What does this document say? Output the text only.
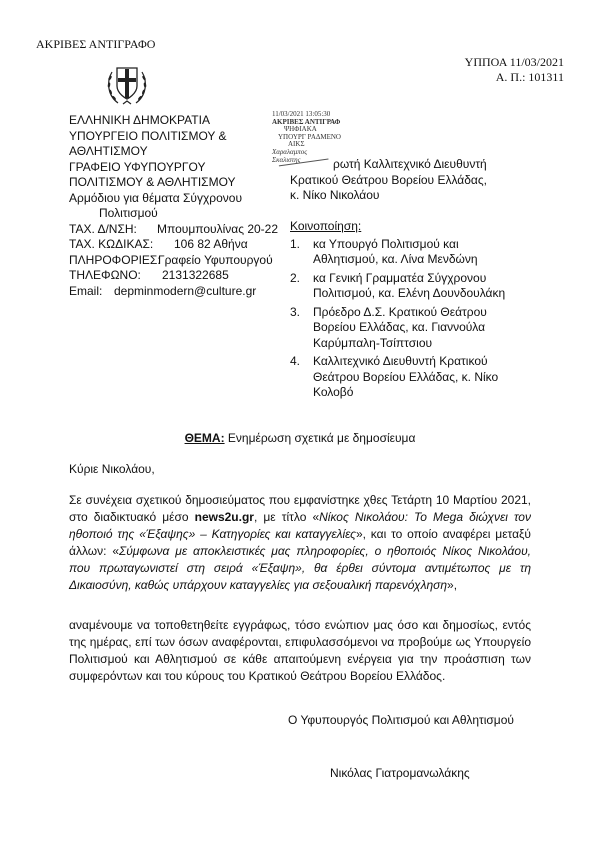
ΑΚΡΙΒΕΣ ΑΝΤΙΓΡΑΦΟ
ΥΠΠΟΑ 11/03/2021
Α. Π.: 101311
ΕΛΛΗΝΙΚΗ ΔΗΜΟΚΡΑΤΙΑ
ΥΠΟΥΡΓΕΙΟ ΠΟΛΙΤΙΣΜΟΥ &
ΑΘΛΗΤΙΣΜΟΥ
ΓΡΑΦΕΙΟ ΥΦΥΠΟΥΡΓΟΥ
ΠΟΛΙΤΙΣΜΟΥ & ΑΘΛΗΤΙΣΜΟΥ
Αρμόδιου για θέματα Σύγχρονου
Πολιτισμού
ΤΑΧ. Δ/ΝΣΗ:	Μπουμπουλίνας 20-22
ΤΑΧ. ΚΩΔΙΚΑΣ:	106 82 Αθήνα
ΠΛΗΡΟΦΟΡΙΕΣ:
Γραφείο Υφυπουργού
ΤΗΛΕΦΩΝΟ:	2131322685
Email: depminmodern@culture.gr
11/03/2021 13:05:30
ΑΚΡΙΒΕΣ ΑΝΤΙΓΡΑΦ
ΨΗΦΙΑΚΑ
ΥΠΟΥΡΓ ΡΑΔΜΕΝΟ
ΑΙΚΣ
Χαραλαμπος
Σκαλιστης	ρωτή Καλλιτεχνικό Διευθυντή
Κρατικού Θεάτρου Βορείου Ελλάδας,
κ. Νίκο Νικολάου
Κοινοποίηση:
1. κα Υπουργό Πολιτισμού και
Αθλητισμού, κα. Λίνα Μενδώνη
2. κα Γενική Γραμματέα Σύγχρονου
Πολιτισμού, κα. Ελένη Δουνδουλάκη
3. Πρόεδρο Δ.Σ. Κρατικού Θεάτρου
Βορείου Ελλάδας, κα. Γιαννούλα
Καρύμπαλη-Τσίπτσιου
4. Καλλιτεχνικό Διευθυντή Κρατικού
Θεάτρου Βορείου Ελλάδας, κ. Νίκο
Κολοβό
ΘΕΜΑ: Ενημέρωση σχετικά με δημοσίευμα
Κύριε Νικολάου,
Σε συνέχεια σχετικού δημοσιεύματος που εμφανίστηκε χθες Τετάρτη 10 Μαρτίου 2021, στο διαδικτυακό μέσο news2u.gr, με τίτλο «Νίκος Νικολάου: Το Mega διώχνει τον ηθοποιό της «Έξαψης» – Κατηγορίες και καταγγελίες», και το οποίο αναφέρει μεταξύ άλλων: «Σύμφωνα με αποκλειστικές μας πληροφορίες, ο ηθοποιός Νίκος Νικολάου, που πρωταγωνιστεί στη σειρά «Έξαψη», θα έρθει σύντομα αντιμέτωπος με τη Δικαιοσύνη, καθώς υπάρχουν καταγγελίες για σεξουαλική παρενόχληση»,
αναμένουμε να τοποθετηθείτε εγγράφως, τόσο ενώπιον μας όσο και δημοσίως, εντός της ημέρας, επί των όσων αναφέρονται, επιφυλασσόμενοι να προβούμε ως Υπουργείο Πολιτισμού και Αθλητισμού σε κάθε απαιτούμενη ενέργεια για την προάσπιση των συμφερόντων και του κύρους του Κρατικού Θεάτρου Βορείου Ελλάδος.
Ο Υφυπουργός Πολιτισμού και Αθλητισμού
Νικόλας Γιατρομανωλάκης
